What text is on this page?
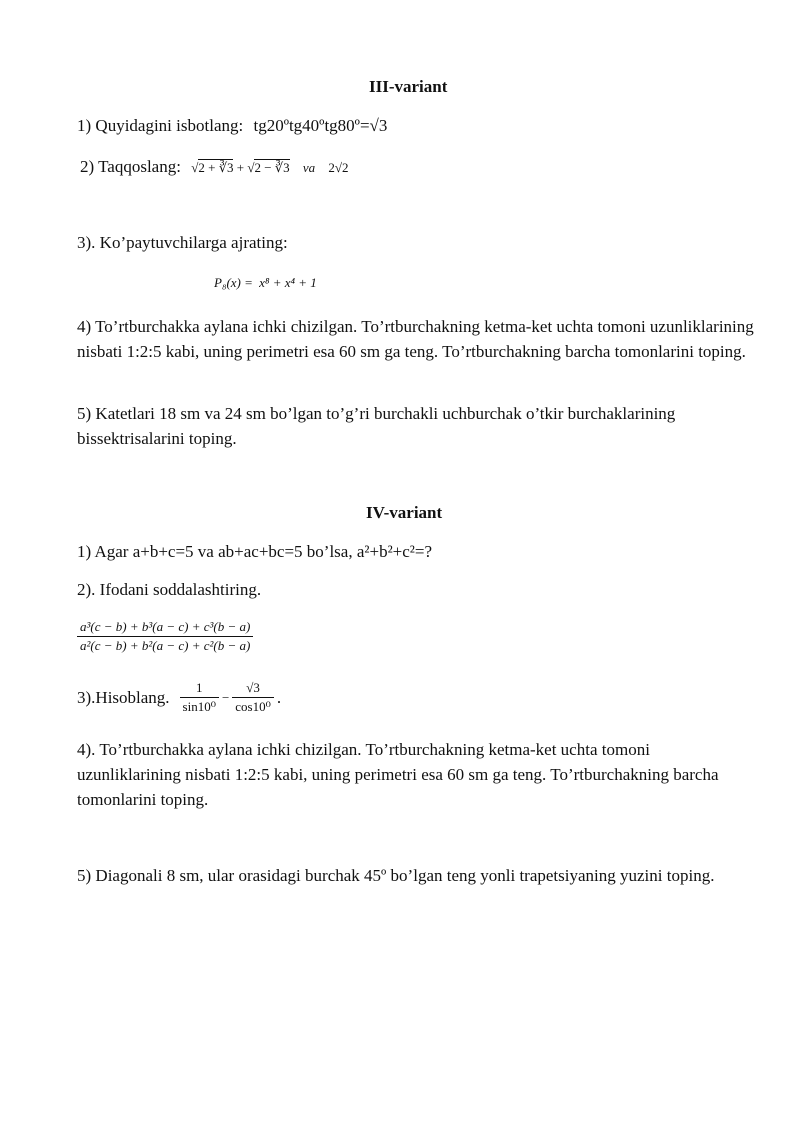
III-variant
1) Quyidagini isbotlang: tg20ºtg40ºtg80º=√3
2) Taqqoslang: √2 + ∛3 + √2 − ∛3 va 2√2
3). Ko’paytuvchilarga ajrating:
P₈(x) = x⁸ + x⁴ + 1
4) To’rtburchakka aylana ichki chizilgan. To’rtburchakning ketma-ket uchta tomoni uzunliklarining nisbati 1:2:5 kabi, uning perimetri esa 60 sm ga teng. To’rtburchakning barcha tomonlarini toping.
5) Katetlari 18 sm va 24 sm bo’lgan to’g’ri burchakli uchburchak o’tkir burchaklarining bissektrisalarini toping.
IV-variant
1) Agar a+b+c=5 va ab+ac+bc=5 bo’lsa, a²+b²+c²=?
2). Ifodani soddalashtiring.
$\frac{\text{a³(c − b) + b³(a − c) + c³(b − a)}}{\text{a²(c − b) + b²(a − c) + c²(b − a)}}$
3).Hisoblang. $\frac{1}{\text{sin10⁰}} - \frac{√3}{\text{cos10⁰}}$ .
4). To’rtburchakka aylana ichki chizilgan. To’rtburchakning ketma-ket uchta tomoni uzunliklarining nisbati 1:2:5 kabi, uning perimetri esa 60 sm ga teng. To’rtburchakning barcha tomonlarini toping.
5) Diagonali 8 sm, ular orasidagi burchak 45º bo’lgan teng yonli trapetsiyaning yuzini toping.
